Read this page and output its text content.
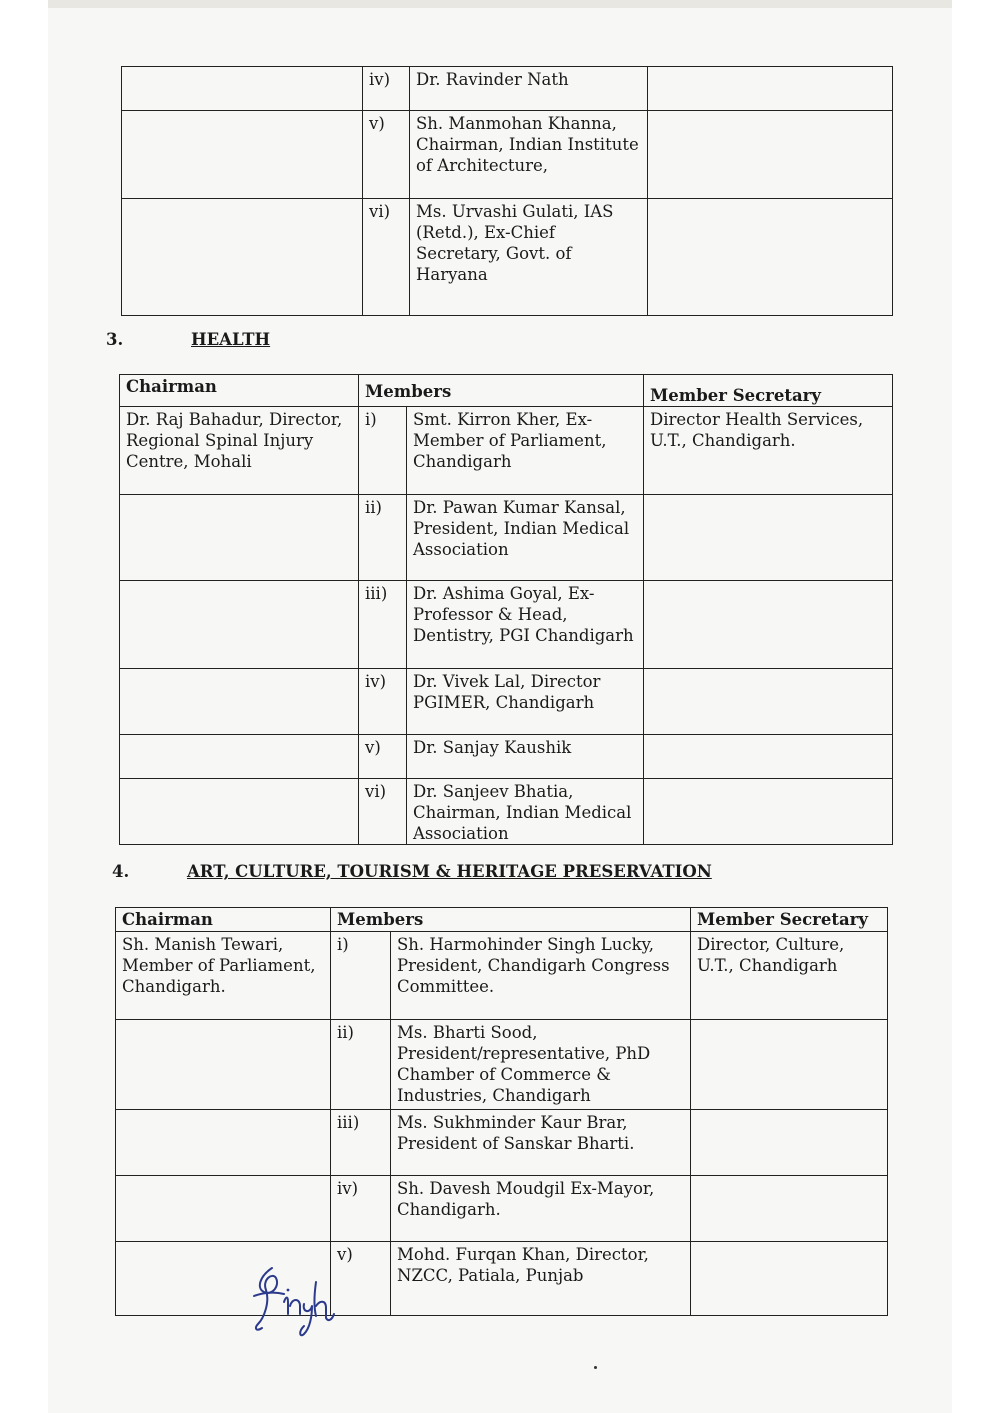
	iv)	Dr. Ravinder Nath	
	v)	Sh. Manmohan Khanna, Chairman, Indian Institute of Architecture,	
	vi)	Ms. Urvashi Gulati, IAS (Retd.), Ex-Chief Secretary, Govt. of Haryana	
3.	HEALTH
Chairman	Members		Member Secretary
Dr. Raj Bahadur, Director, Regional Spinal Injury Centre, Mohali	i)	Smt. Kirron Kher, Ex-Member of Parliament, Chandigarh	Director Health Services, U.T., Chandigarh.
	ii)	Dr. Pawan Kumar Kansal, President, Indian Medical Association	
	iii)	Dr. Ashima Goyal, Ex- Professor & Head, Dentistry, PGI Chandigarh	
	iv)	Dr. Vivek Lal, Director PGIMER, Chandigarh	
	v)	Dr. Sanjay Kaushik	
	vi)	Dr. Sanjeev Bhatia, Chairman, Indian Medical Association	
4.	ART, CULTURE, TOURISM & HERITAGE PRESERVATION
Chairman	Members		Member Secretary
Sh. Manish Tewari, Member of Parliament, Chandigarh.	i)	Sh. Harmohinder Singh Lucky, President, Chandigarh Congress Committee.	Director, Culture, U.T., Chandigarh
	ii)	Ms. Bharti Sood, President/representative, PhD Chamber of Commerce & Industries, Chandigarh	
	iii)	Ms. Sukhminder Kaur Brar, President of Sanskar Bharti.	
	iv)	Sh. Davesh Moudgil Ex-Mayor, Chandigarh.	
	v)	Mohd. Furqan Khan, Director, NZCC, Patiala, Punjab	
